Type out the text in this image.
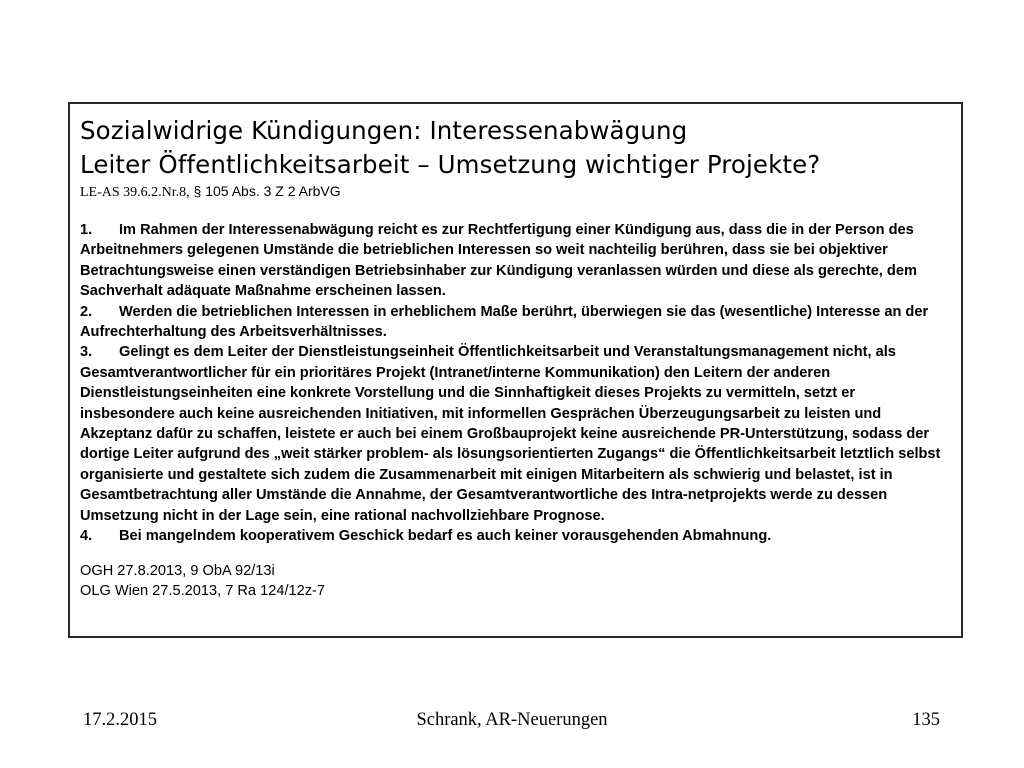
Sozialwidrige Kündigungen: Interessenabwägung
Leiter Öffentlichkeitsarbeit – Umsetzung wichtiger Projekte?
LE-AS 39.6.2.Nr.8, § 105 Abs. 3 Z 2 ArbVG
1. Im Rahmen der Interessenabwägung reicht es zur Rechtfertigung einer Kündigung aus, dass die in der Person des Arbeitnehmers gelegenen Umstände die betrieblichen Interessen so weit nachteilig berühren, dass sie bei objektiver Betrachtungsweise einen verständigen Betriebsinhaber zur Kündigung veranlassen würden und diese als gerechte, dem Sachverhalt adäquate Maßnahme erscheinen lassen.
2. Werden die betrieblichen Interessen in erheblichem Maße berührt, überwiegen sie das (wesentliche) Interesse an der Aufrechterhaltung des Arbeitsverhältnisses.
3. Gelingt es dem Leiter der Dienstleistungseinheit Öffentlichkeitsarbeit und Veranstaltungsmanagement nicht, als Gesamtverantwortlicher für ein prioritäres Projekt (Intranet/interne Kommunikation) den Leitern der anderen Dienstleistungseinheiten eine konkrete Vorstellung und die Sinnhaftigkeit dieses Projekts zu vermitteln, setzt er insbesondere auch keine ausreichenden Initiativen, mit informellen Gesprächen Überzeugungsarbeit zu leisten und Akzeptanz dafür zu schaffen, leistete er auch bei einem Großbauprojekt keine ausreichende PR-Unterstützung, sodass der dortige Leiter aufgrund des „weit stärker problem- als lösungsorientierten Zugangs“ die Öffentlichkeitsarbeit letztlich selbst organisierte und gestaltete sich zudem die Zusammenarbeit mit einigen Mitarbeitern als schwierig und belastet, ist in Gesamtbetrachtung aller Umstände die Annahme, der Gesamtverantwortliche des Intra-netprojekts werde zu dessen Umsetzung nicht in der Lage sein, eine rational nachvollziehbare Prognose.
4. Bei mangelndem kooperativem Geschick bedarf es auch keiner vorausgehenden Abmahnung.
OGH 27.8.2013, 9 ObA 92/13i
OLG Wien 27.5.2013, 7 Ra 124/12z-7
Schrank, AR-Neuerungen
17.2.2015	135
